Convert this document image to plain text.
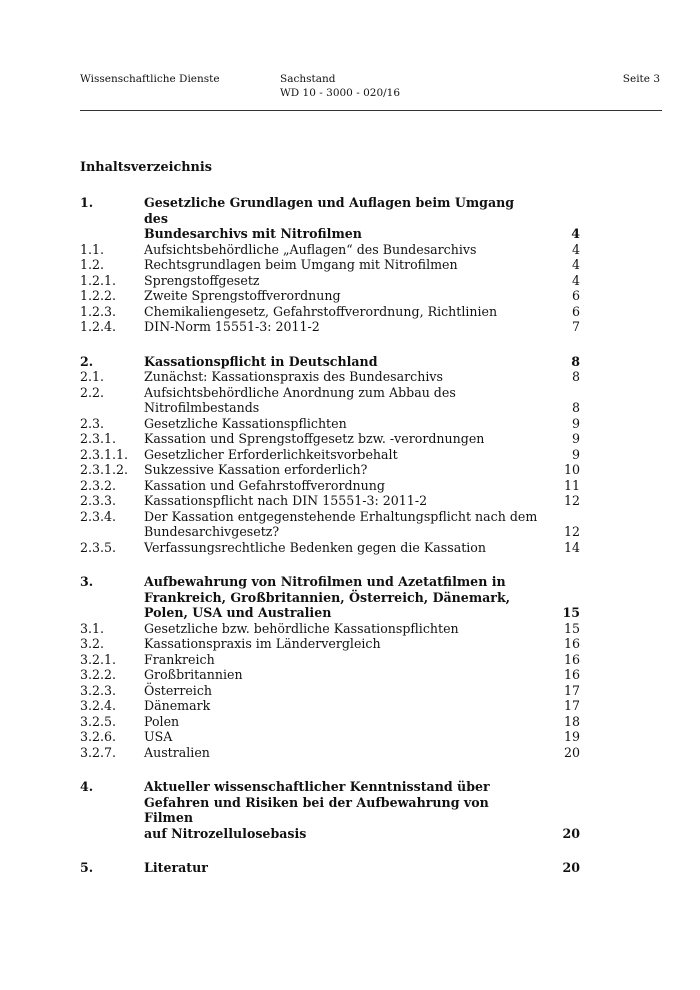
Wissenschaftliche Dienste	Sachstand
WD 10 - 3000 - 020/16
Seite 3
Inhaltsverzeichnis
1.	Gesetzliche Grundlagen und Auflagen beim Umgang des
Bundesarchivs mit Nitrofilmen	4
1.1.	Aufsichtsbehördliche „Auflagen“ des Bundesarchivs	4
1.2.	Rechtsgrundlagen beim Umgang mit Nitrofilmen	4
1.2.1.	Sprengstoffgesetz	4
1.2.2.	Zweite Sprengstoffverordnung	6
1.2.3.	Chemikaliengesetz, Gefahrstoffverordnung, Richtlinien	6
1.2.4.	DIN-Norm 15551-3: 2011-2	7
2.	Kassationspflicht in Deutschland	8
2.1.	Zunächst: Kassationspraxis des Bundesarchivs	8
2.2.	Aufsichtsbehördliche Anordnung zum Abbau des
Nitrofilmbestands	8
2.3.	Gesetzliche Kassationspflichten	9
2.3.1.	Kassation und Sprengstoffgesetz bzw. -verordnungen	9
2.3.1.1.	Gesetzlicher Erforderlichkeitsvorbehalt	9
2.3.1.2.	Sukzessive Kassation erforderlich?	10
2.3.2.	Kassation und Gefahrstoffverordnung	11
2.3.3.	Kassationspflicht nach DIN 15551-3: 2011-2	12
2.3.4.	Der Kassation entgegenstehende Erhaltungspflicht nach dem
Bundesarchivgesetz?	12
2.3.5.	Verfassungsrechtliche Bedenken gegen die Kassation	14
3.	Aufbewahrung von Nitrofilmen und Azetatfilmen in
Frankreich, Großbritannien, Österreich, Dänemark,
Polen, USA und Australien	15
3.1.	Gesetzliche bzw. behördliche Kassationspflichten	15
3.2.	Kassationspraxis im Ländervergleich	16
3.2.1.	Frankreich	16
3.2.2.	Großbritannien	16
3.2.3.	Österreich	17
3.2.4.	Dänemark	17
3.2.5.	Polen	18
3.2.6.	USA	19
3.2.7.	Australien	20
4.	Aktueller wissenschaftlicher Kenntnisstand über
Gefahren und Risiken bei der Aufbewahrung von Filmen
auf Nitrozellulosebasis	20
5.	Literatur	20
